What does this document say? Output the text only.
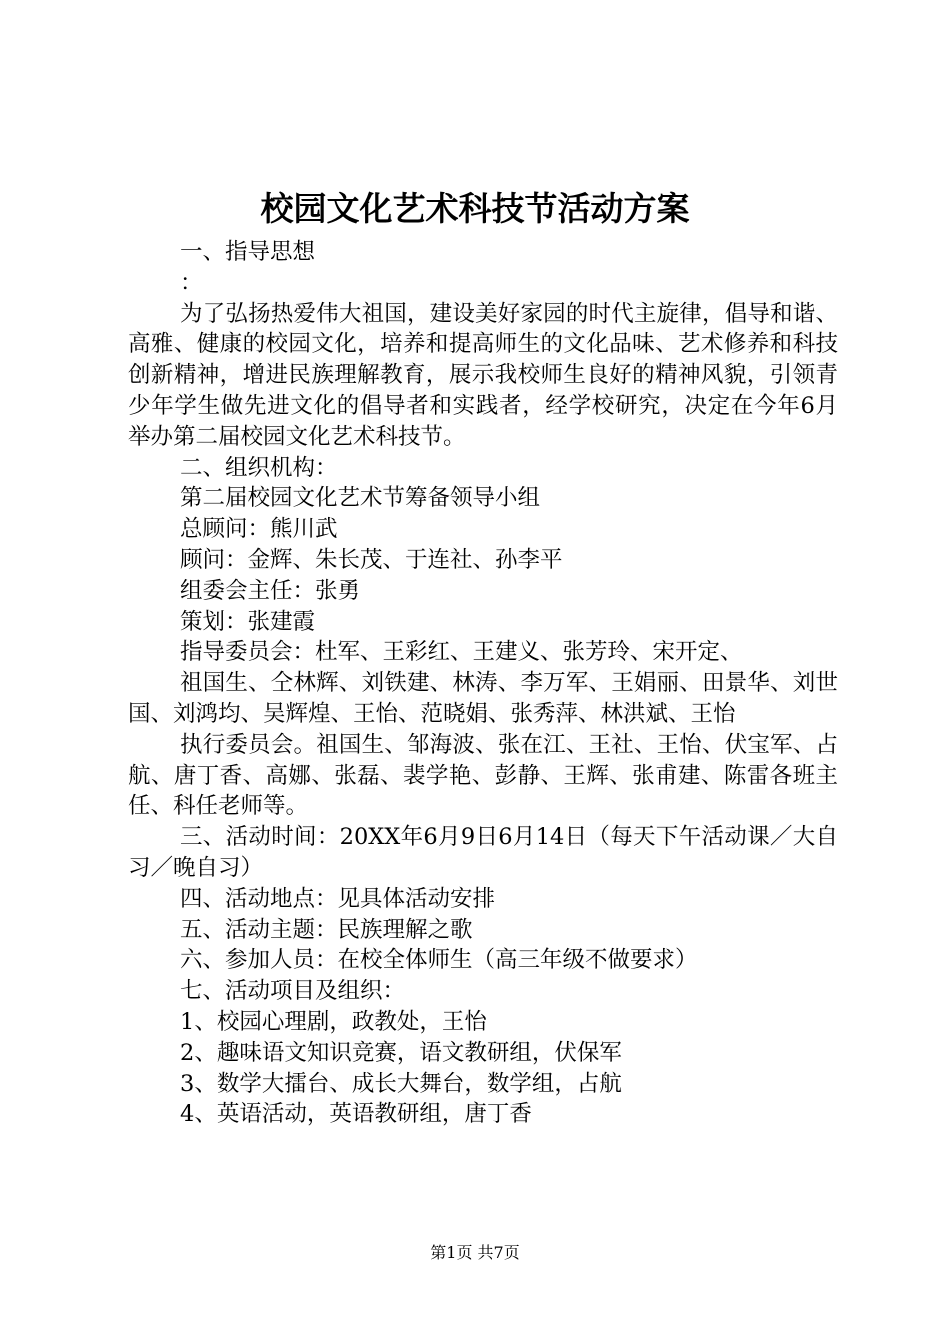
校园文化艺术科技节活动方案

一、指导思想

：

为了弘扬热爱伟大祖国，建设美好家园的时代主旋律，倡导和谐、高雅、健康的校园文化，培养和提高师生的文化品味、艺术修养和科技创新精神，增进民族理解教育，展示我校师生良好的精神风貌，引领青少年学生做先进文化的倡导者和实践者，经学校研究，决定在今年6月举办第二届校园文化艺术科技节。

二、组织机构：

第二届校园文化艺术节筹备领导小组

总顾问：熊川武

顾问：金辉、朱长茂、于连社、孙李平

组委会主任：张勇

策划：张建霞

指导委员会：杜军、王彩红、王建义、张芳玲、宋开定、

祖国生、仝林辉、刘铁建、林涛、李万军、王娟丽、田景华、刘世国、刘鸿均、吴辉煌、王怡、范晓娟、张秀萍、林洪斌、王怡

执行委员会。祖国生、邹海波、张在江、王社、王怡、伏宝军、占航、唐丁香、高娜、张磊、裴学艳、彭静、王辉、张甫建、陈雷各班主任、科任老师等。

三、活动时间：20XX年6月9日6月14日（每天下午活动课／大自习／晚自习）

四、活动地点：见具体活动安排

五、活动主题：民族理解之歌

六、参加人员：在校全体师生（高三年级不做要求）

七、活动项目及组织：

1、校园心理剧，政教处，王怡

2、趣味语文知识竞赛，语文教研组，伏保军

3、数学大擂台、成长大舞台，数学组，占航

4、英语活动，英语教研组，唐丁香

第1页 共7页
